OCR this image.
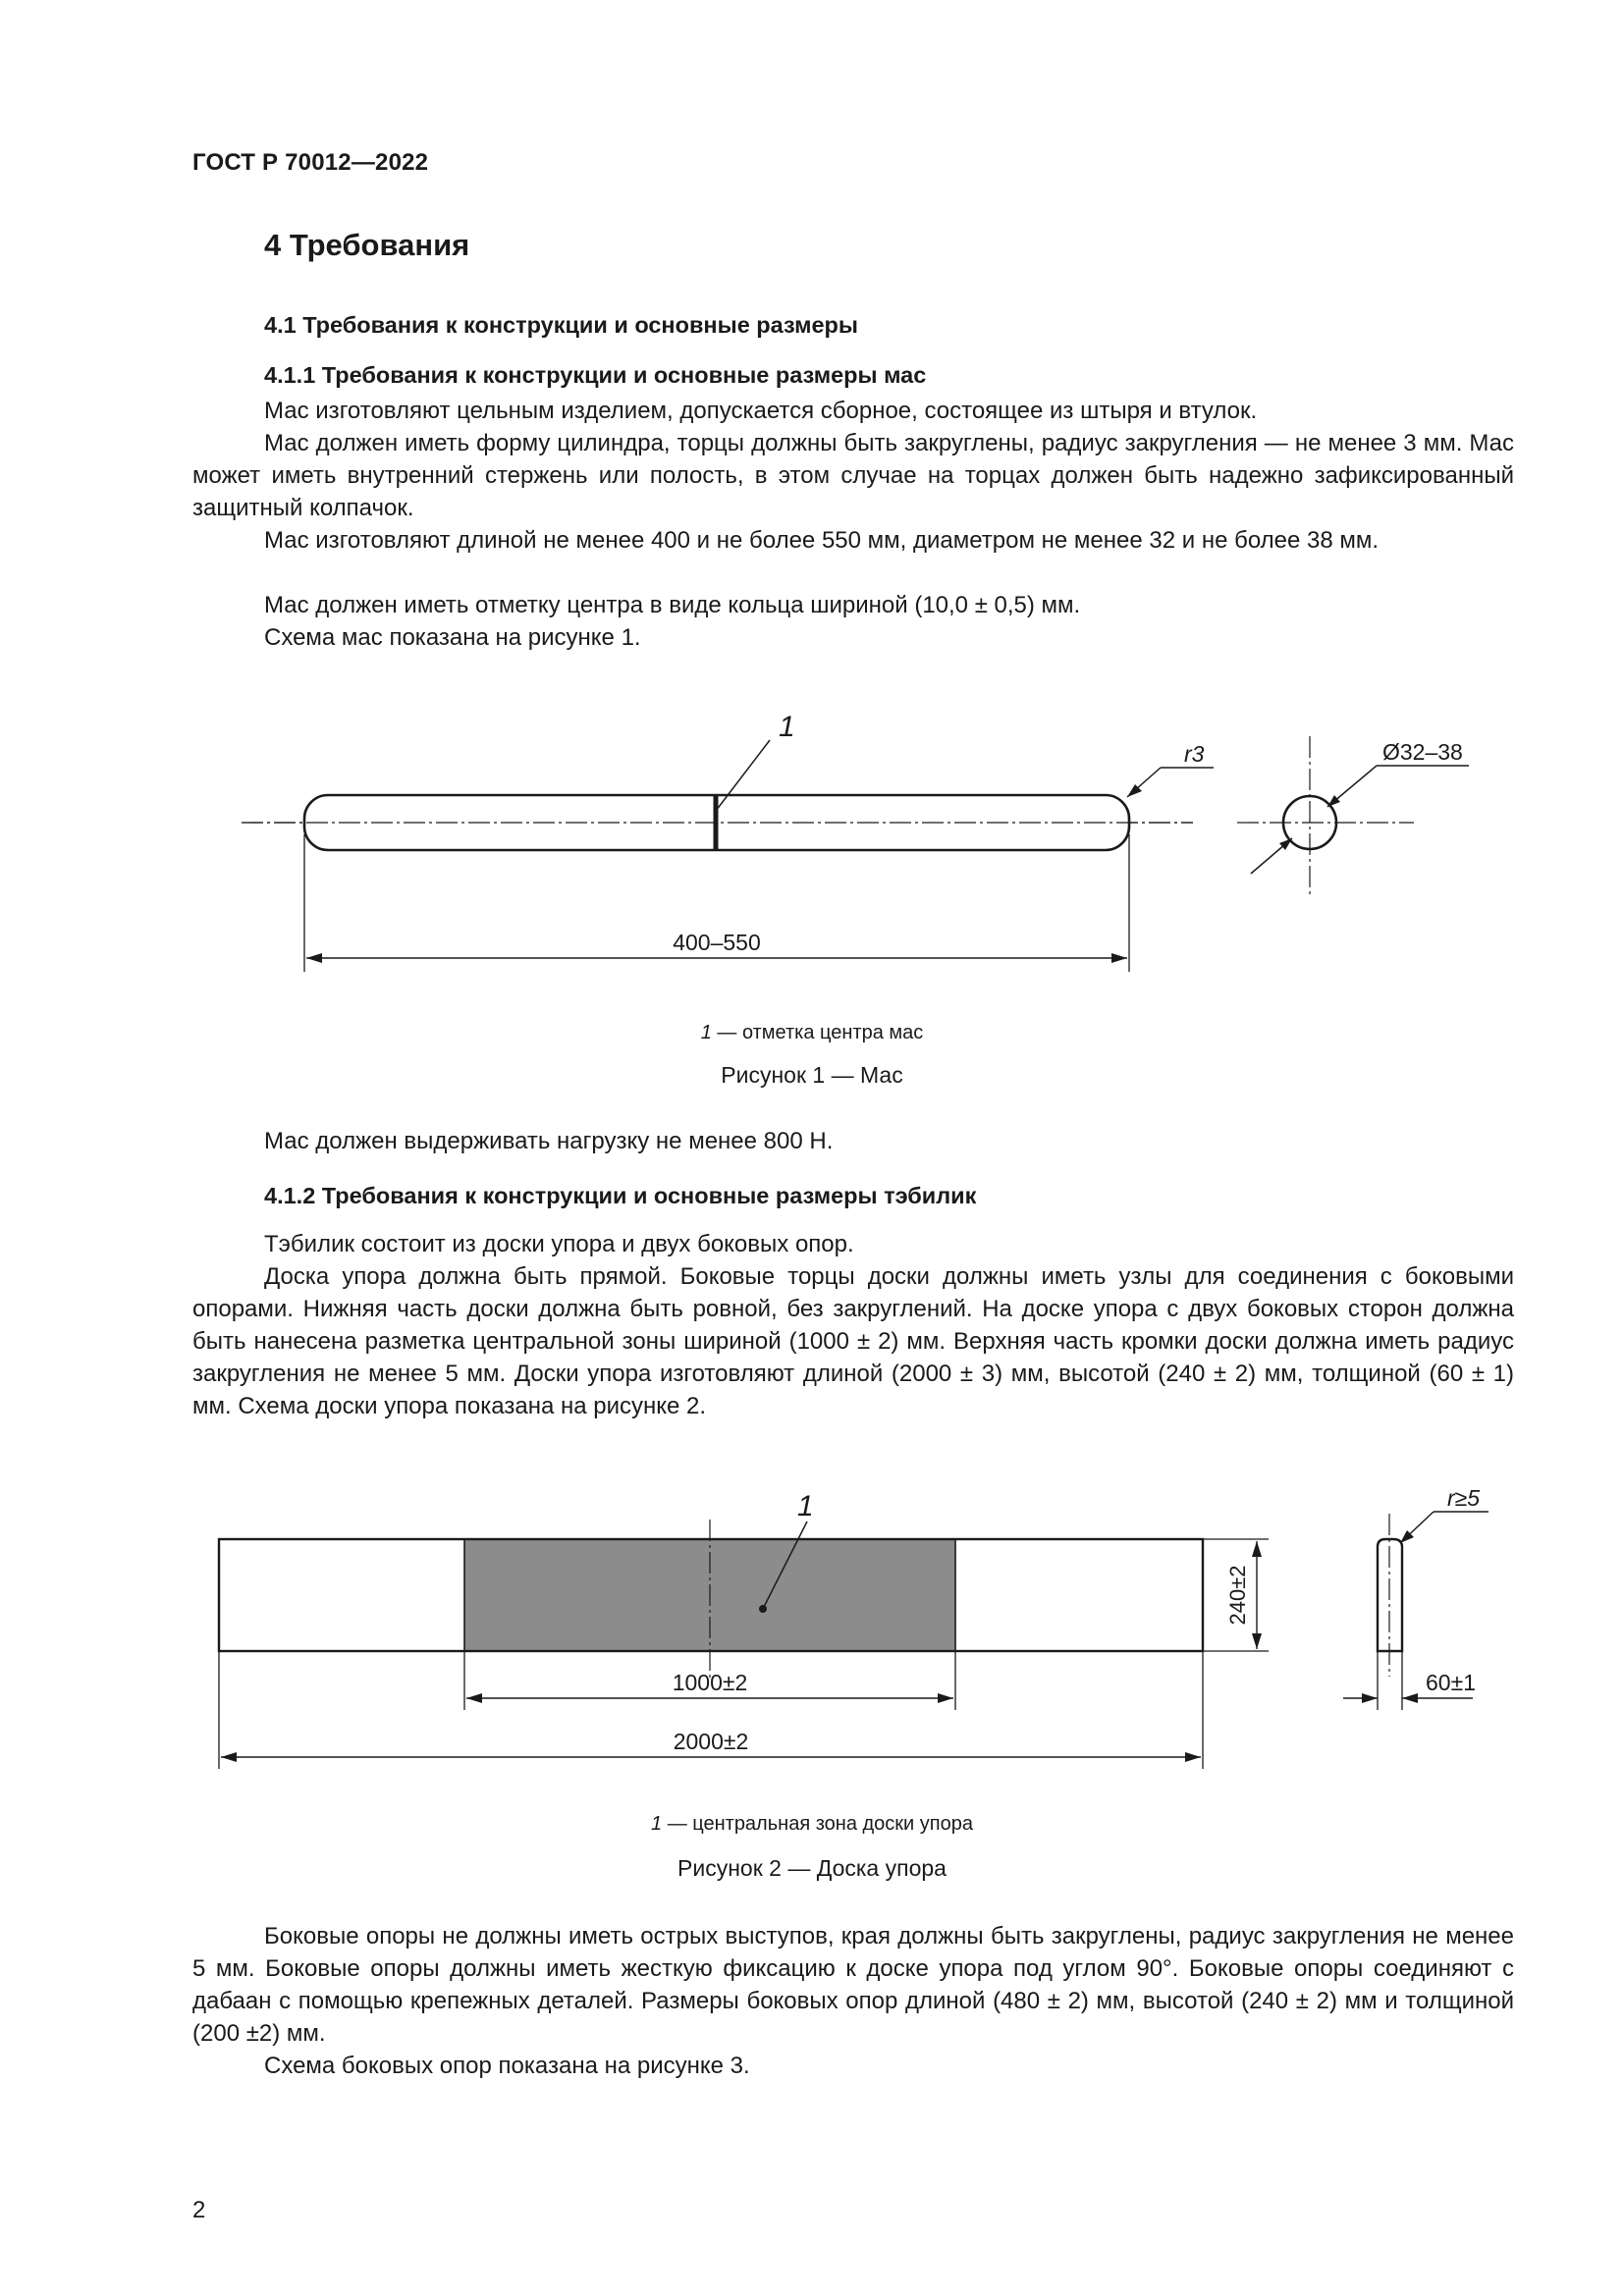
ГОСТ Р 70012—2022
4 Требования
4.1 Требования к конструкции и основные размеры
4.1.1 Требования к конструкции и основные размеры мас
Мас изготовляют цельным изделием, допускается сборное, состоящее из штыря и втулок.
Мас должен иметь форму цилиндра, торцы должны быть закруглены, радиус закругления — не менее 3 мм. Мас может иметь внутренний стержень или полость, в этом случае на торцах должен быть надежно зафиксированный защитный колпачок.
Мас изготовляют длиной не менее 400 и не более 550 мм, диаметром не менее 32 и не более 38 мм.
Мас должен иметь отметку центра в виде кольца шириной (10,0 ± 0,5) мм.
Схема мас показана на рисунке 1.
1
r3	Ø32–38
400–550
1 — отметка центра мас
Рисунок 1 — Мас
Мас должен выдерживать нагрузку не менее 800 Н.
4.1.2 Требования к конструкции и основные размеры тэбилик
Тэбилик состоит из доски упора и двух боковых опор.
Доска упора должна быть прямой. Боковые торцы доски должны иметь узлы для соединения с боковыми опорами. Нижняя часть доски должна быть ровной, без закруглений. На доске упора с двух боковых сторон должна быть нанесена разметка центральной зоны шириной (1000 ± 2) мм. Верхняя часть кромки доски должна иметь радиус закругления не менее 5 мм. Доски упора изготовляют длиной (2000 ± 3) мм, высотой (240 ± 2) мм, толщиной (60 ± 1) мм. Схема доски упора показана на рисунке 2.
1	r≥5
240±2
60±1
1000±2
2000±2
1 — центральная зона доски упора
Рисунок 2 — Доска упора
Боковые опоры не должны иметь острых выступов, края должны быть закруглены, радиус закругления не менее 5 мм. Боковые опоры должны иметь жесткую фиксацию к доске упора под углом 90°. Боковые опоры соединяют с дабаан с помощью крепежных деталей. Размеры боковых опор длиной (480 ± 2) мм, высотой (240 ± 2) мм и толщиной (200 ±2) мм.
Схема боковых опор показана на рисунке 3.
2
